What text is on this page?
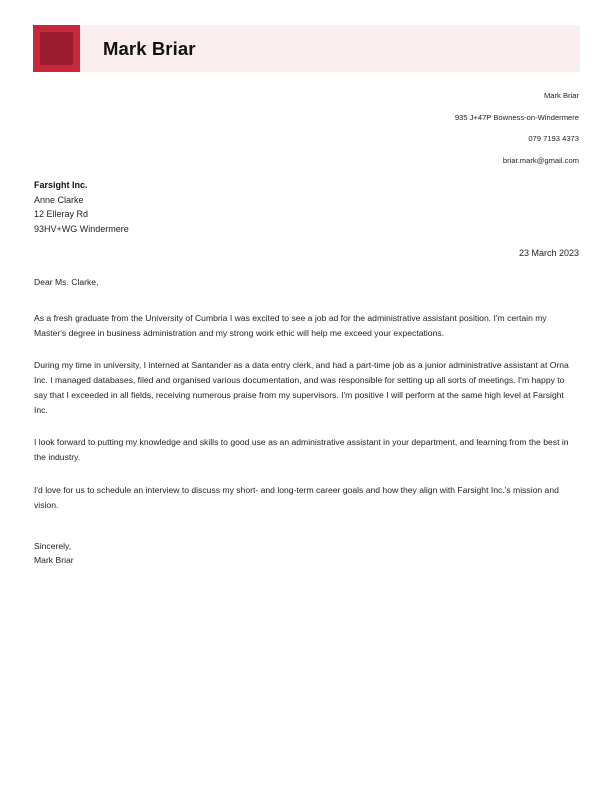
Mark Briar
Mark Briar
935 J+47P Bowness-on-Windermere
079 7193 4373
briar.mark@gmail.com
Farsight Inc.
Anne Clarke
12 Elleray Rd
93HV+WG Windermere
23 March 2023

Dear Ms. Clarke,

As a fresh graduate from the University of Cumbria I was excited to see a job ad for the administrative assistant position. I'm certain my Master's degree in business administration and my strong work ethic will help me exceed your expectations.

During my time in university, I interned at Santander as a data entry clerk, and had a part-time job as a junior administrative assistant at Orna Inc. I managed databases, filed and organised various documentation, and was responsible for setting up all sorts of meetings. I'm happy to say that I exceeded in all fields, receiving numerous praise from my supervisors. I'm positive I will perform at the same high level at Farsight Inc.

I look forward to putting my knowledge and skills to good use as an administrative assistant in your department, and learning from the best in the industry.

I'd love for us to schedule an interview to discuss my short- and long-term career goals and how they align with Farsight Inc.'s mission and vision.

Sincerely,
Mark Briar
